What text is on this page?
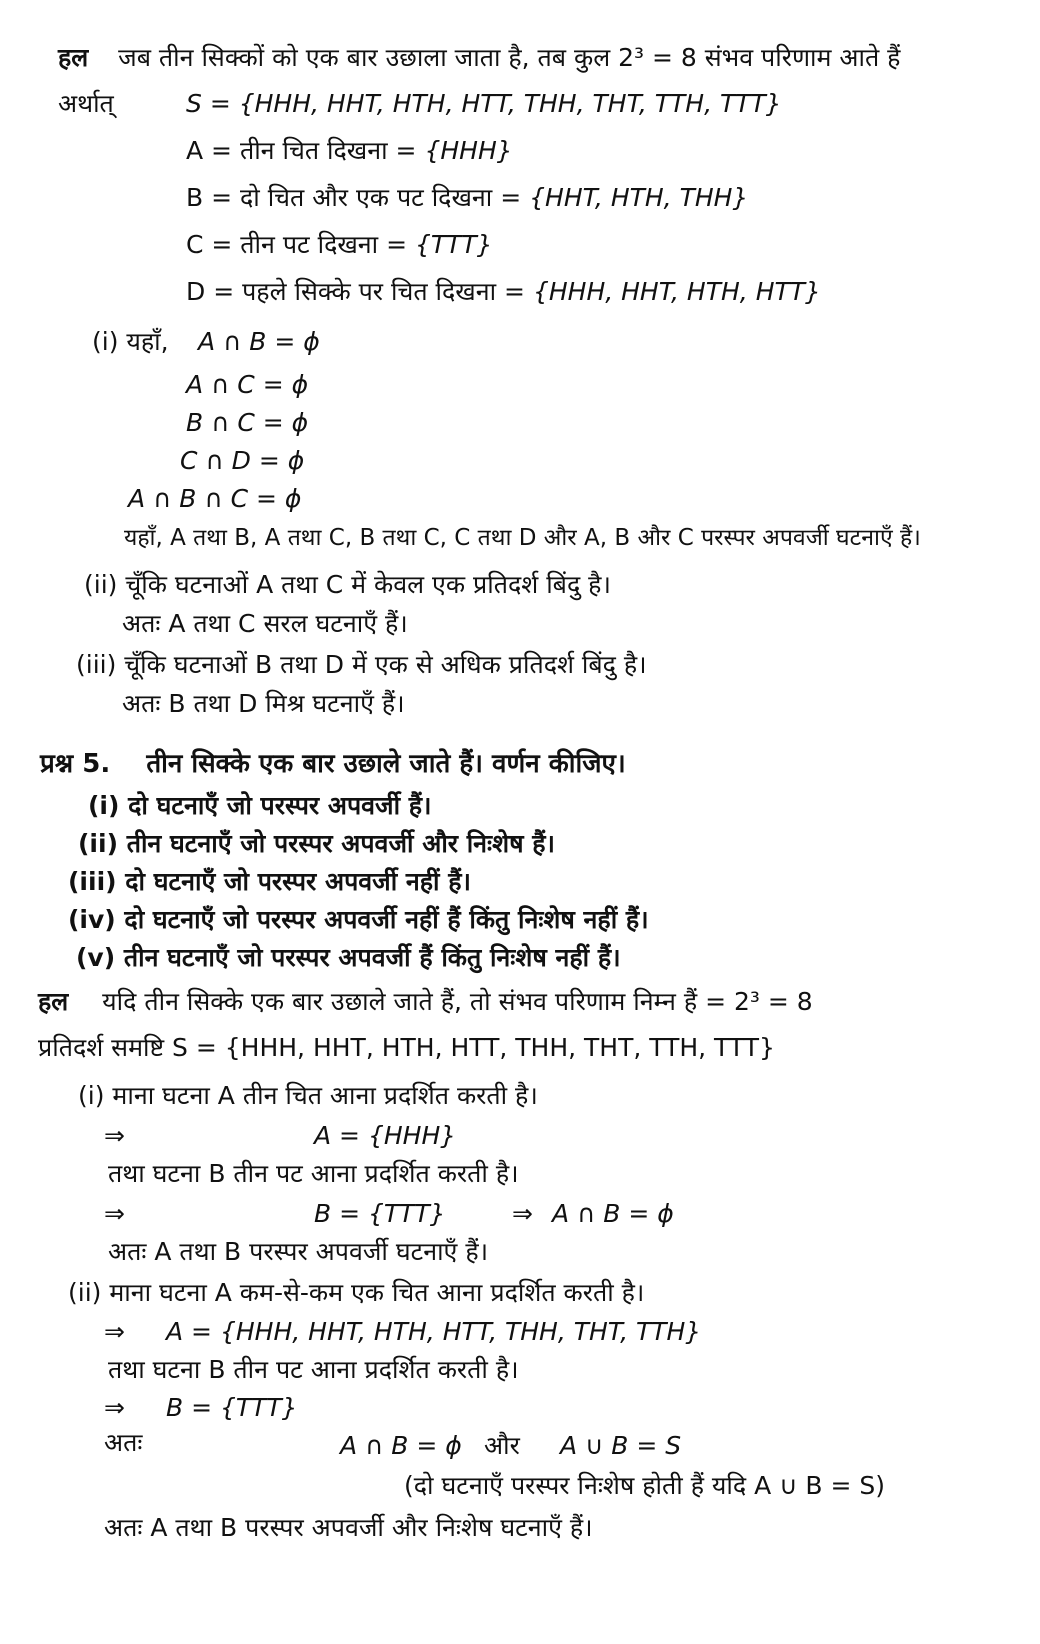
हल जब तीन सिक्कों को एक बार उछाला जाता है, तब कुल 2³ = 8 संभव परिणाम आते हैं
अर्थात्	S = {HHH, HHT, HTH, HTT, THH, THT, TTH, TTT}
A = तीन चित दिखना = {HHH}
B = दो चित और एक पट दिखना = {HHT, HTH, THH}
C = तीन पट दिखना = {TTT}
D = पहले सिक्के पर चित दिखना = {HHH, HHT, HTH, HTT}
(i) यहाँ, A ∩ B = ϕ
A ∩ C = ϕ
B ∩ C = ϕ
C ∩ D = ϕ
A ∩ B ∩ C = ϕ
यहाँ, A तथा B, A तथा C, B तथा C, C तथा D और A, B और C परस्पर अपवर्जी घटनाएँ हैं।
(ii) चूँकि घटनाओं A तथा C में केवल एक प्रतिदर्श बिंदु है।
अतः A तथा C सरल घटनाएँ हैं।
(iii) चूँकि घटनाओं B तथा D में एक से अधिक प्रतिदर्श बिंदु है।
अतः B तथा D मिश्र घटनाएँ हैं।
प्रश्न 5. तीन सिक्के एक बार उछाले जाते हैं। वर्णन कीजिए।
(i) दो घटनाएँ जो परस्पर अपवर्जी हैं।
(ii) तीन घटनाएँ जो परस्पर अपवर्जी और निःशेष हैं।
(iii) दो घटनाएँ जो परस्पर अपवर्जी नहीं हैं।
(iv) दो घटनाएँ जो परस्पर अपवर्जी नहीं हैं किंतु निःशेष नहीं हैं।
(v) तीन घटनाएँ जो परस्पर अपवर्जी हैं किंतु निःशेष नहीं हैं।
हल यदि तीन सिक्के एक बार उछाले जाते हैं, तो संभव परिणाम निम्न हैं = 2³ = 8
प्रतिदर्श समष्टि S = {HHH, HHT, HTH, HTT, THH, THT, TTH, TTT}
(i) माना घटना A तीन चित आना प्रदर्शित करती है।
⇒	A = {HHH}
तथा घटना B तीन पट आना प्रदर्शित करती है।
⇒	B = {TTT}	⇒ A ∩ B = ϕ
अतः A तथा B परस्पर अपवर्जी घटनाएँ हैं।
(ii) माना घटना A कम-से-कम एक चित आना प्रदर्शित करती है।
⇒ A = {HHH, HHT, HTH, HTT, THH, THT, TTH}
तथा घटना B तीन पट आना प्रदर्शित करती है।
⇒ B = {TTT}
अतः	A ∩ B = ϕ और A ∪ B = S
(दो घटनाएँ परस्पर निःशेष होती हैं यदि A ∪ B = S)
अतः A तथा B परस्पर अपवर्जी और निःशेष घटनाएँ हैं।
